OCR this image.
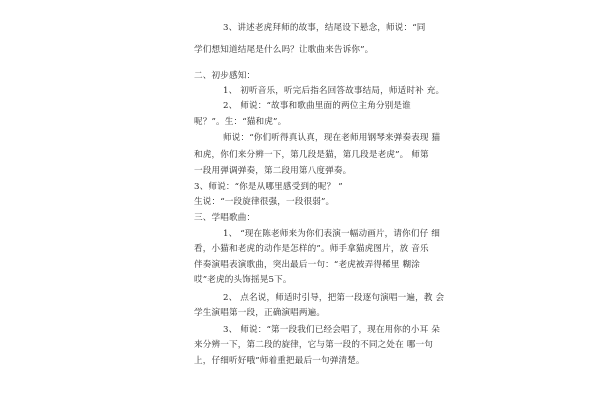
3、讲述老虎拜师的故事，结尾设下悬念，师说：“同
学们想知道结尾是什么吗？让歌曲来告诉你”。
二、初步感知：
1、 初听音乐，听完后指名回答故事结局，师适时补 充。
2、 师说：“故事和歌曲里面的两位主角分别是谁
呢？”。生：“猫和虎”。
师说：“你们听得真认真，现在老师用钢琴来弹奏表现 猫
和虎，你们来分辨一下，第几段是猫，第几段是老虎”。 师第
一段用弹调弹奏，第二段用第八度弹奏。
3、师说：“你是从哪里感受到的呢？ ”
生说：“一段旋律很强，一段很弱”。
三、学唱歌曲：
1、 “现在陈老师来为你们表演一幅动画片，请你们仔 细
看，小猫和老虎的动作是怎样的”。师手拿猫虎图片，放 音乐
伴奏演唱表演歌曲，突出最后一句：“老虎被弄得稀里 糊涂
哎”老虎的头饰摇晃5下。
2、 点名说，师适时引导，把第一段逐句演唱一遍，教 会
学生演唱第一段，正确演唱两遍。
3、 师说：“第一段我们已经会唱了，现在用你的小耳 朵
来分辨一下，第二段的旋律，它与第一段的不同之处在 哪一句
上，仔细听好哦”师着重把最后一句弹清楚。
